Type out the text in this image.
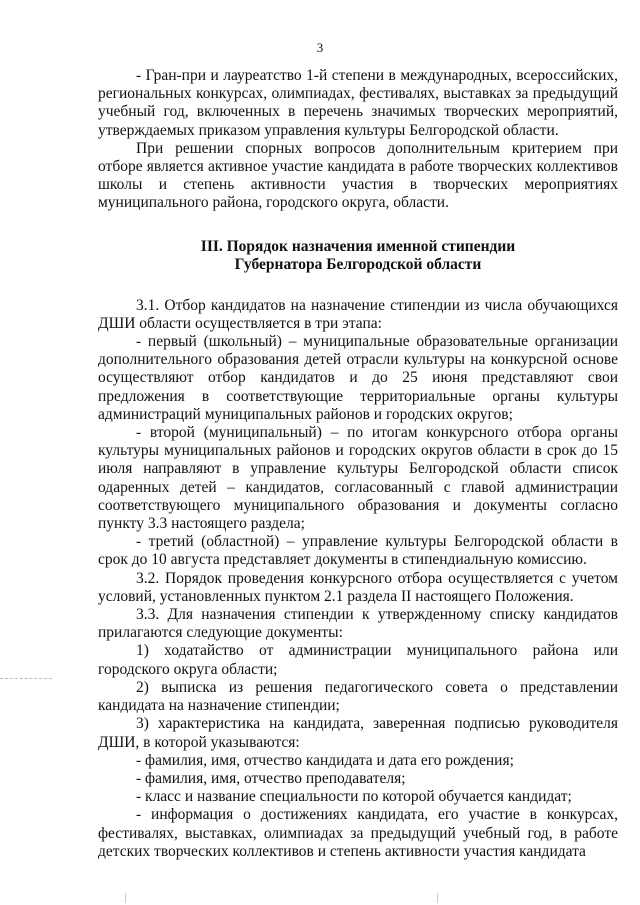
3

- Гран-при и лауреатство 1-й степени в международных, всероссийских, региональных конкурсах, олимпиадах, фестивалях, выставках за предыдущий учебный год, включенных в перечень значимых творческих мероприятий, утверждаемых приказом управления культуры Белгородской области.

При решении спорных вопросов дополнительным критерием при отборе является активное участие кандидата в работе творческих коллективов школы и степень активности участия в творческих мероприятиях муниципального района, городского округа, области.

III. Порядок назначения именной стипендии
Губернатора Белгородской области

3.1. Отбор кандидатов на назначение стипендии из числа обучающихся ДШИ области осуществляется в три этапа:

- первый (школьный) – муниципальные образовательные организации дополнительного образования детей отрасли культуры на конкурсной основе осуществляют отбор кандидатов и до 25 июня представляют свои предложения в соответствующие территориальные органы культуры администраций муниципальных районов и городских округов;

- второй (муниципальный) – по итогам конкурсного отбора органы культуры муниципальных районов и городских округов области в срок до 15 июля направляют в управление культуры Белгородской области список одаренных детей – кандидатов, согласованный с главой администрации соответствующего муниципального образования и документы согласно пункту 3.3 настоящего раздела;

- третий (областной) – управление культуры Белгородской области в срок до 10 августа представляет документы в стипендиальную комиссию.

3.2. Порядок проведения конкурсного отбора осуществляется с учетом условий, установленных пунктом 2.1 раздела II настоящего Положения.

3.3. Для назначения стипендии к утвержденному списку кандидатов прилагаются следующие документы:

1) ходатайство от администрации муниципального района или городского округа области;

2) выписка из решения педагогического совета о представлении кандидата на назначение стипендии;

3) характеристика на кандидата, заверенная подписью руководителя ДШИ, в которой указываются:

- фамилия, имя, отчество кандидата и дата его рождения;

- фамилия, имя, отчество преподавателя;

- класс и название специальности по которой обучается кандидат;

- информация о достижениях кандидата, его участие в конкурсах, фестивалях, выставках, олимпиадах за предыдущий учебный год, в работе детских творческих коллективов и степень активности участия кандидата
